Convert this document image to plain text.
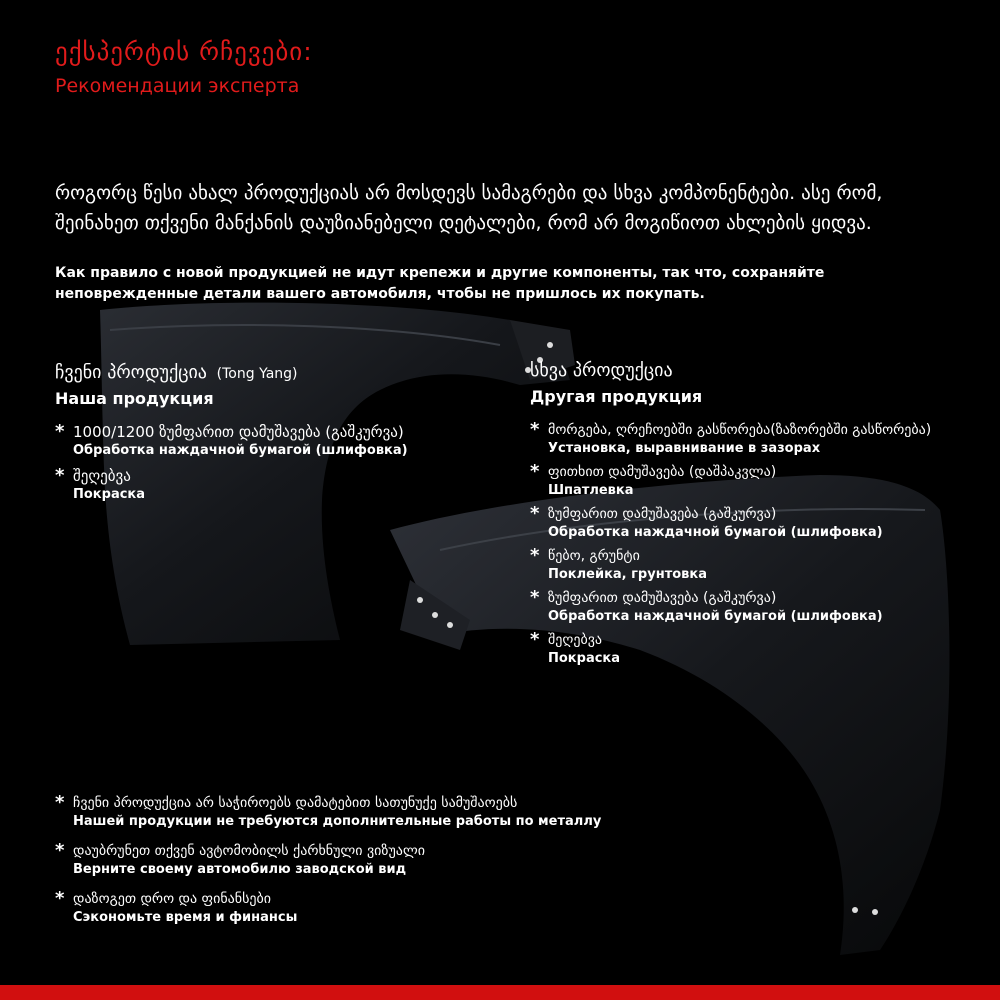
ექსპერტის რჩევები:
Рекомендации эксперта
როგორც წესი ახალ პროდუქციას არ მოსდევს სამაგრები და სხვა კომპონენტები. ასე რომ, შეინახეთ თქვენი მანქანის დაუზიანებელი დეტალები, რომ არ მოგიწიოთ ახლების ყიდვა.
Как правило с новой продукцией не идут крепежи и другие компоненты, так что, сохраняйте неповрежденные детали вашего автомобиля, чтобы не пришлось их покупать.
ჩვენი პროდუქცია (Tong Yang)
Наша продукция
* 1000/1200 ზუმფარით დამუშავება (გაშკურვა)
Обработка наждачной бумагой (шлифовка)
* შეღებვა
Покраска
სხვა პროდუქცია
Другая продукция
* მორგება, ღრეჩოებში გასწორება(ზაზორებში გასწორება)
Установка, выравнивание в зазорах
* ფითხით დამუშავება (დაშპაკვლა)
Шпатлевка
* ზუმფარით დამუშავება (გაშკურვა)
Обработка наждачной бумагой (шлифовка)
* წებო, გრუნტი
Поклейка, грунтовка
* ზუმფარით დამუშავება (გაშკურვა)
Обработка наждачной бумагой (шлифовка)
* შეღებვა
Покраска
* ჩვენი პროდუქცია არ საჭიროებს დამატებით სათუნუქე სამუშაოებს
Нашей продукции не требуются дополнительные работы по металлу
* დაუბრუნეთ თქვენ ავტომობილს ქარხნული ვიზუალი
Верните своему автомобилю заводской вид
* დაზოგეთ დრო და ფინანსები
Сэкономьте время и финансы
